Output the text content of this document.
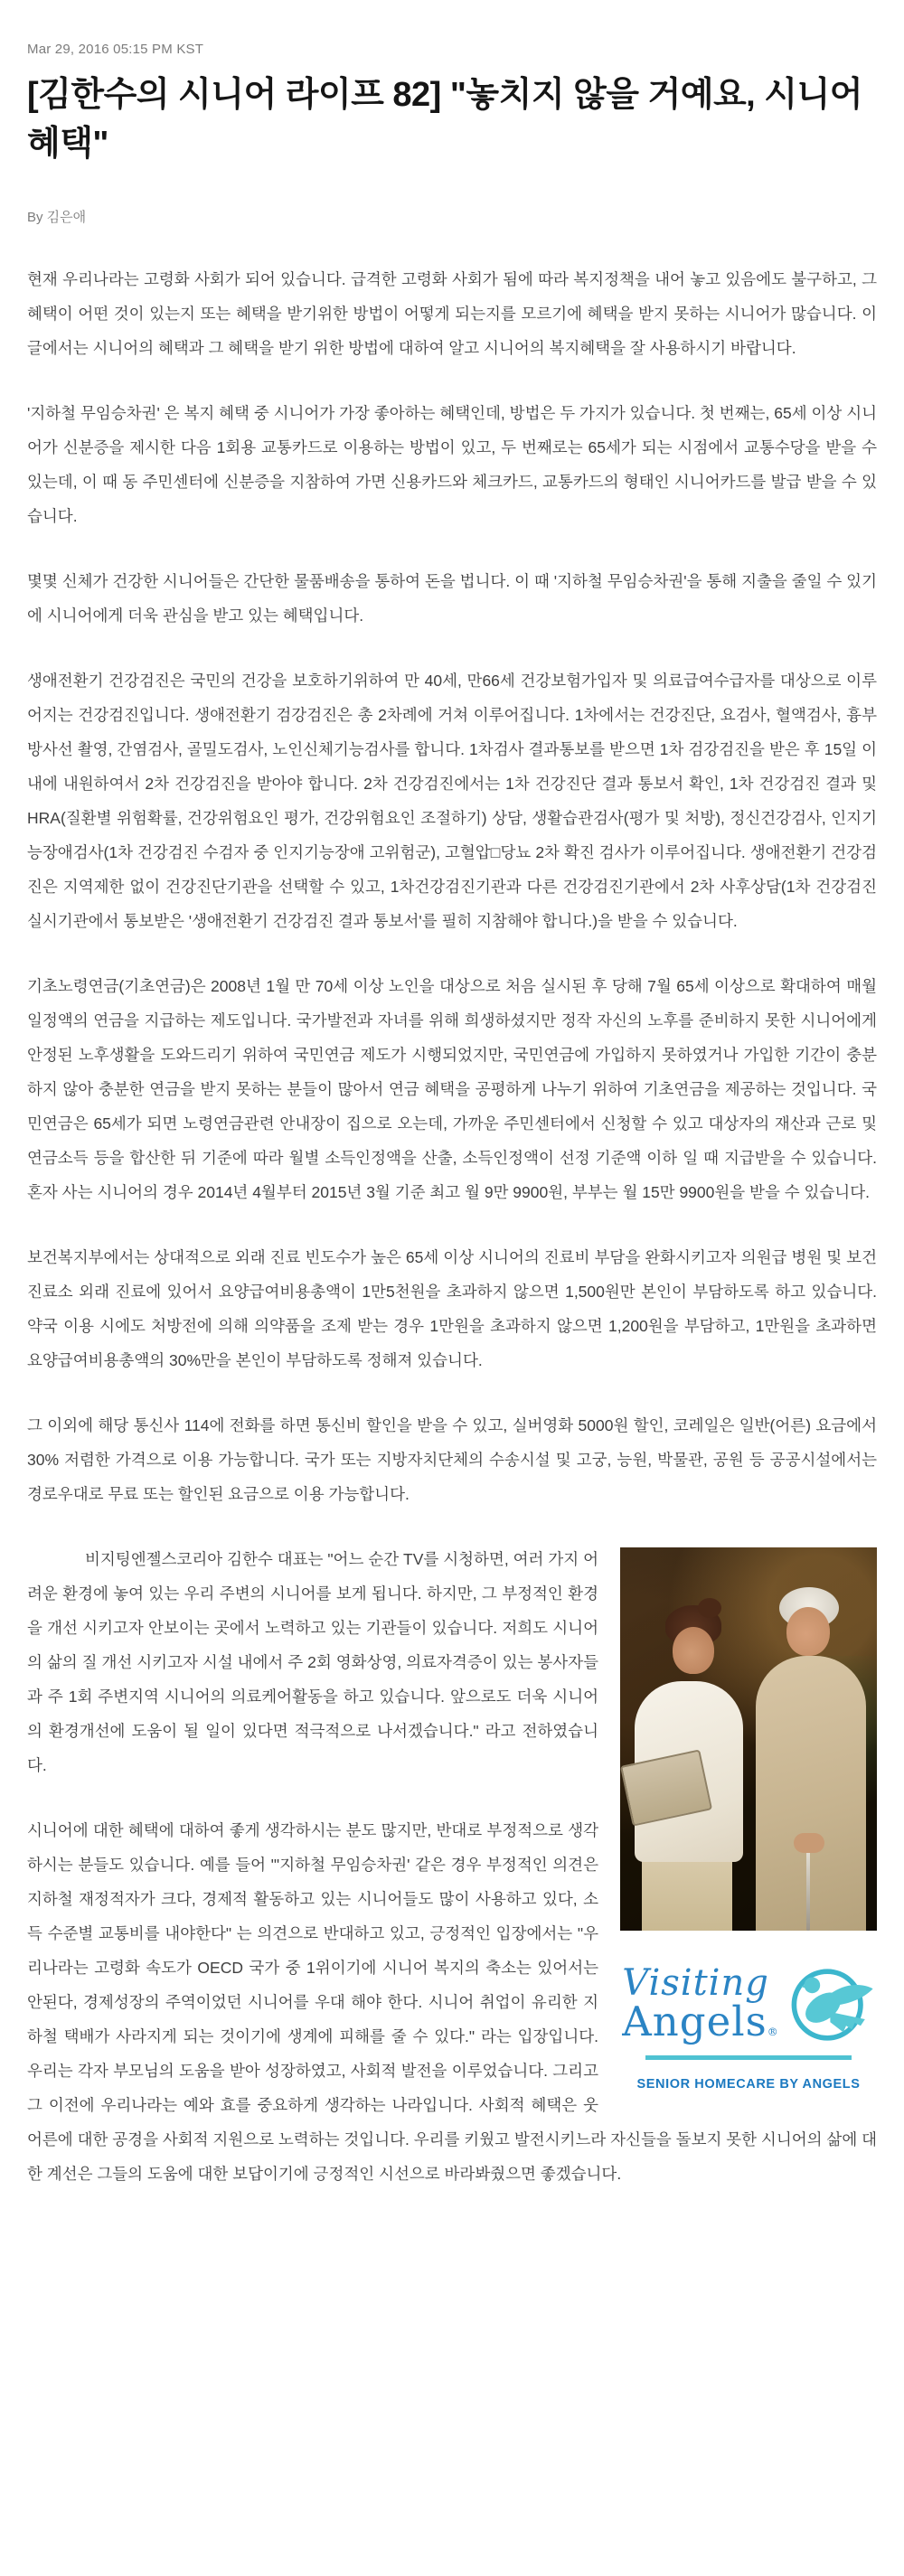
Mar 29, 2016 05:15 PM KST
[김한수의 시니어 라이프 82] "놓치지 않을 거예요, 시니어 혜택"
By 김은애

현재 우리나라는 고령화 사회가 되어 있습니다. 급격한 고령화 사회가 됨에 따라 복지정책을 내어 놓고 있음에도 불구하고, 그 혜택이 어떤 것이 있는지 또는 혜택을 받기위한 방법이 어떻게 되는지를 모르기에 혜택을 받지 못하는 시니어가 많습니다. 이 글에서는 시니어의 혜택과 그 혜택을 받기 위한 방법에 대하여 알고 시니어의 복지혜택을 잘 사용하시기 바랍니다.

'지하철 무임승차권' 은 복지 혜택 중 시니어가 가장 좋아하는 혜택인데, 방법은 두 가지가 있습니다. 첫 번째는, 65세 이상 시니어가 신분증을 제시한 다음 1회용 교통카드로 이용하는 방법이 있고, 두 번째로는 65세가 되는 시점에서 교통수당을 받을 수 있는데, 이 때 동 주민센터에 신분증을 지참하여 가면 신용카드와 체크카드, 교통카드의 형태인 시니어카드를 발급 받을 수 있습니다.

몇몇 신체가 건강한 시니어들은 간단한 물품배송을 통하여 돈을 법니다. 이 때 '지하철 무임승차권'을 통해 지출을 줄일 수 있기에 시니어에게 더욱 관심을 받고 있는 혜택입니다.

생애전환기 건강검진은 국민의 건강을 보호하기위하여 만 40세, 만66세 건강보험가입자 및 의료급여수급자를 대상으로 이루어지는 건강검진입니다. 생애전환기 검강검진은 총 2차례에 거쳐 이루어집니다. 1차에서는 건강진단, 요검사, 혈액검사, 흉부 방사선 촬영, 간염검사, 골밀도검사, 노인신체기능검사를 합니다. 1차검사 결과통보를 받으면 1차 검강검진을 받은 후 15일 이내에 내원하여서 2차 건강검진을 받아야 합니다. 2차 건강검진에서는 1차 건강진단 결과 통보서 확인, 1차 건강검진 결과 및 HRA(질환별 위험확률, 건강위험요인 평가, 건강위험요인 조절하기) 상담, 생활습관검사(평가 및 처방), 정신건강검사, 인지기능장애검사(1차 건강검진 수검자 중 인지기능장애 고위험군), 고혈압□당뇨 2차 확진 검사가 이루어집니다. 생애전환기 건강검진은 지역제한 없이 건강진단기관을 선택할 수 있고, 1차건강검진기관과 다른 건강검진기관에서 2차 사후상담(1차 건강검진 실시기관에서 통보받은 '생애전환기 건강검진 결과 통보서'를 필히 지참해야 합니다.)을 받을 수 있습니다.

기초노령연금(기초연금)은 2008년 1월 만 70세 이상 노인을 대상으로 처음 실시된 후 당해 7월 65세 이상으로 확대하여 매월 일정액의 연금을 지급하는 제도입니다. 국가발전과 자녀를 위해 희생하셨지만 정작 자신의 노후를 준비하지 못한 시니어에게 안정된 노후생활을 도와드리기 위하여 국민연금 제도가 시행되었지만, 국민연금에 가입하지 못하였거나 가입한 기간이 충분하지 않아 충분한 연금을 받지 못하는 분들이 많아서 연금 혜택을 공평하게 나누기 위하여 기초연금을 제공하는 것입니다. 국민연금은 65세가 되면 노령연금관련 안내장이 집으로 오는데, 가까운 주민센터에서 신청할 수 있고 대상자의 재산과 근로 및 연금소득 등을 합산한 뒤 기준에 따라 월별 소득인정액을 산출, 소득인정액이 선정 기준액 이하 일 때 지급받을 수 있습니다. 혼자 사는 시니어의 경우 2014년 4월부터 2015년 3월 기준 최고 월 9만 9900원, 부부는 월 15만 9900원을 받을 수 있습니다.

보건복지부에서는 상대적으로 외래 진료 빈도수가 높은 65세 이상 시니어의 진료비 부담을 완화시키고자 의원급 병원 및 보건진료소 외래 진료에 있어서 요양급여비용총액이 1만5천원을 초과하지 않으면 1,500원만 본인이 부담하도록 하고 있습니다. 약국 이용 시에도 처방전에 의해 의약품을 조제 받는 경우 1만원을 초과하지 않으면 1,200원을 부담하고, 1만원을 초과하면 요양급여비용총액의 30%만을 본인이 부담하도록 정해져 있습니다.

그 이외에 해당 통신사 114에 전화를 하면 통신비 할인을 받을 수 있고, 실버영화 5000원 할인, 코레일은 일반(어른) 요금에서 30% 저렴한 가격으로 이용 가능합니다. 국가 또는 지방자치단체의 수송시설 및 고궁, 능원, 박물관, 공원 등 공공시설에서는 경로우대로 무료 또는 할인된 요금으로 이용 가능합니다.

Visiting
Angels®
SENIOR HOMECARE BY ANGELS

비지팅엔젤스코리아 김한수 대표는 "어느 순간 TV를 시청하면, 여러 가지 어려운 환경에 놓여 있는 우리 주변의 시니어를 보게 됩니다. 하지만, 그 부정적인 환경을 개선 시키고자 안보이는 곳에서 노력하고 있는 기관들이 있습니다. 저희도 시니어의 삶의 질 개선 시키고자 시설 내에서 주 2회 영화상영, 의료자격증이 있는 봉사자들과 주 1회 주변지역 시니어의 의료케어활동을 하고 있습니다. 앞으로도 더욱 시니어의 환경개선에 도움이 될 일이 있다면 적극적으로 나서겠습니다." 라고 전하였습니다.

시니어에 대한 혜택에 대하여 좋게 생각하시는 분도 많지만, 반대로 부정적으로 생각하시는 분들도 있습니다. 예를 들어 "'지하철 무임승차권' 같은 경우 부정적인 의견은 지하철 재정적자가 크다, 경제적 활동하고 있는 시니어들도 많이 사용하고 있다, 소득 수준별 교통비를 내야한다" 는 의견으로 반대하고 있고, 긍정적인 입장에서는 "우리나라는 고령화 속도가 OECD 국가 중 1위이기에 시니어 복지의 축소는 있어서는 안된다, 경제성장의 주역이었던 시니어를 우대 해야 한다. 시니어 취업이 유리한 지하철 택배가 사라지게 되는 것이기에 생계에 피해를 줄 수 있다." 라는 입장입니다. 우리는 각자 부모님의 도움을 받아 성장하였고, 사회적 발전을 이루었습니다. 그리고 그 이전에 우리나라는 예와 효를 중요하게 생각하는 나라입니다. 사회적 혜택은 웃 어른에 대한 공경을 사회적 지원으로 노력하는 것입니다. 우리를 키웠고 발전시키느라 자신들을 돌보지 못한 시니어의 삶에 대한 계선은 그들의 도움에 대한 보답이기에 긍정적인 시선으로 바라봐줬으면 좋겠습니다.
